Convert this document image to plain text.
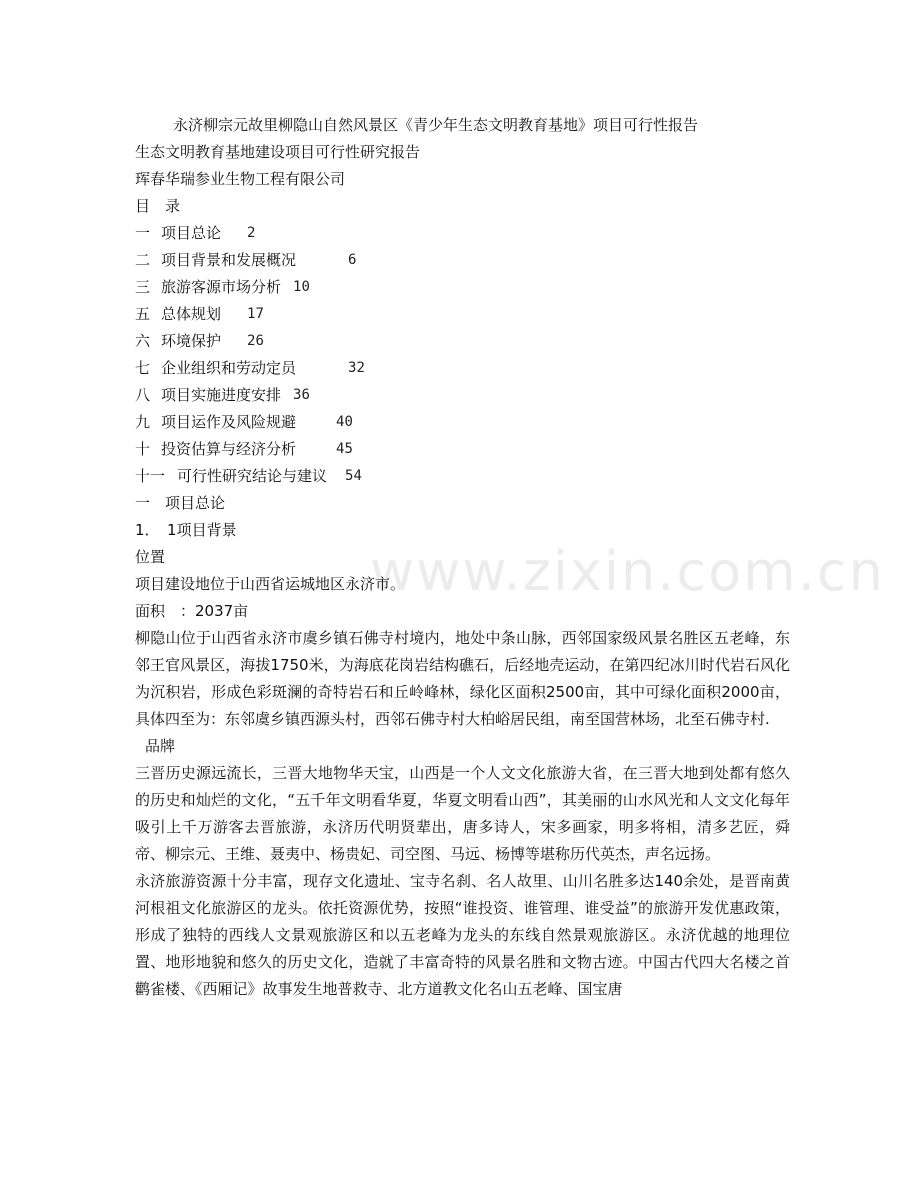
www.zixin.com.cn
永济柳宗元故里柳隐山自然风景区《青少年生态文明教育基地》项目可行性报告
生态文明教育基地建设项目可行性研究报告
珲春华瑞参业生物工程有限公司
目　录
一 项目总论 2
二 项目背景和发展概况	6
三 旅游客源市场分析 10
五 总体规划 17
六 环境保护 26
七 企业组织和劳动定员	32
八 项目实施进度安排 36
九 项目运作及风险规避	40
十 投资估算与经济分析	45
十一 可行性研究结论与建议 54
一　项目总论
1．　1项目背景
位置
项目建设地位于山西省运城地区永济市。
面积　：2037亩
柳隐山位于山西省永济市虞乡镇石佛寺村境内，地处中条山脉，西邻国家级风景名胜区五老峰，东邻王官风景区，海拔1750米，为海底花岗岩结构礁石，后经地壳运动，在第四纪冰川时代岩石风化为沉积岩，形成色彩斑澜的奇特岩石和丘岭峰林，绿化区面积2500亩，其中可绿化面积2000亩，具体四至为：东邻虞乡镇西源头村，西邻石佛寺村大柏峪居民组，南至国营林场，北至石佛寺村.
品牌
三晋历史源远流长，三晋大地物华天宝，山西是一个人文文化旅游大省，在三晋大地到处都有悠久的历史和灿烂的文化，“五千年文明看华夏，华夏文明看山西”，其美丽的山水风光和人文文化每年吸引上千万游客去晋旅游，永济历代明贤辈出，唐多诗人，宋多画家，明多将相，清多艺匠，舜帝、柳宗元、王维、聂夷中、杨贵妃、司空图、马远、杨博等堪称历代英杰，声名远扬。
永济旅游资源十分丰富，现存文化遗址、宝寺名刹、名人故里、山川名胜多达140余处，是晋南黄河根祖文化旅游区的龙头。依托资源优势，按照“谁投资、谁管理、谁受益”的旅游开发优惠政策，形成了独特的西线人文景观旅游区和以五老峰为龙头的东线自然景观旅游区。永济优越的地理位置、地形地貌和悠久的历史文化，造就了丰富奇特的风景名胜和文物古迹。中国古代四大名楼之首鹳雀楼、《西厢记》故事发生地普救寺、北方道教文化名山五老峰、国宝唐
